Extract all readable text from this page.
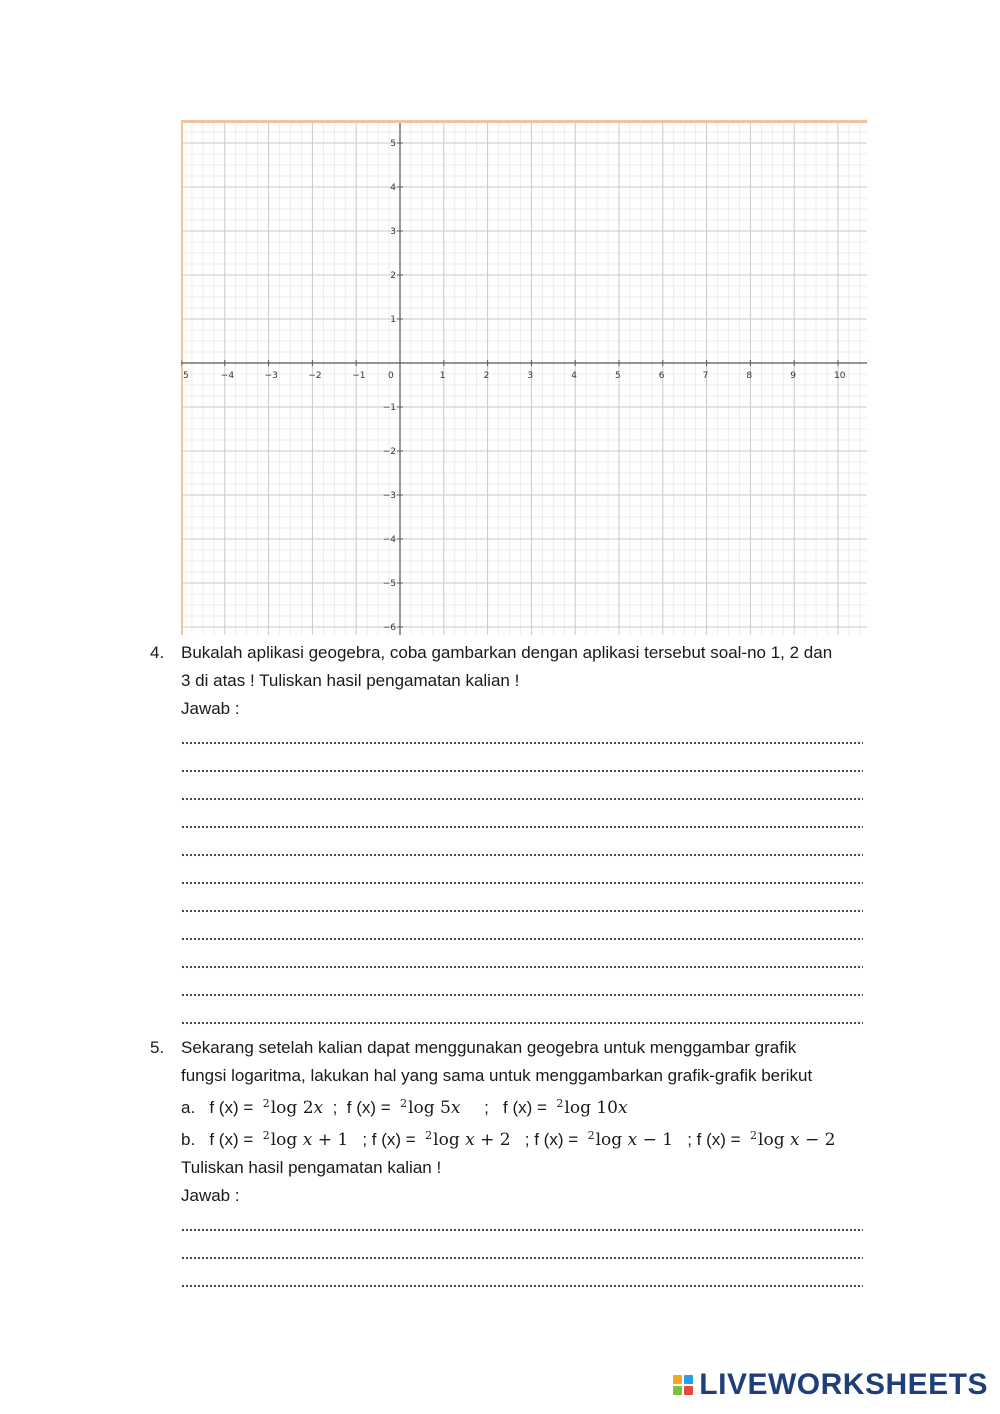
5	−4	−3	−2	−1	0	1	2	3	4	5	6	7	8	9	10
5
4
3
2
1
−1
−2
−3
−4
−5
−6
4. Bukalah aplikasi geogebra, coba gambarkan dengan aplikasi tersebut soal-no 1, 2 dan
3 di atas ! Tuliskan hasil pengamatan kalian !
Jawab :
5. Sekarang setelah kalian dapat menggunakan geogebra untuk menggambar grafik
fungsi logaritma, lakukan hal yang sama untuk menggambarkan grafik-grafik berikut
a. f (x) = $^2$log 2x ; f (x) = $^2$log 5x ; f (x) = $^2$log 10x
b. f (x) = $^2$log x + 1 ; f (x) = $^2$log x + 2 ; f (x) = $^2$log x − 1 ; f (x) = $^2$log x − 2
Tuliskan hasil pengamatan kalian !
Jawab :
LIVEWORKSHEETS
